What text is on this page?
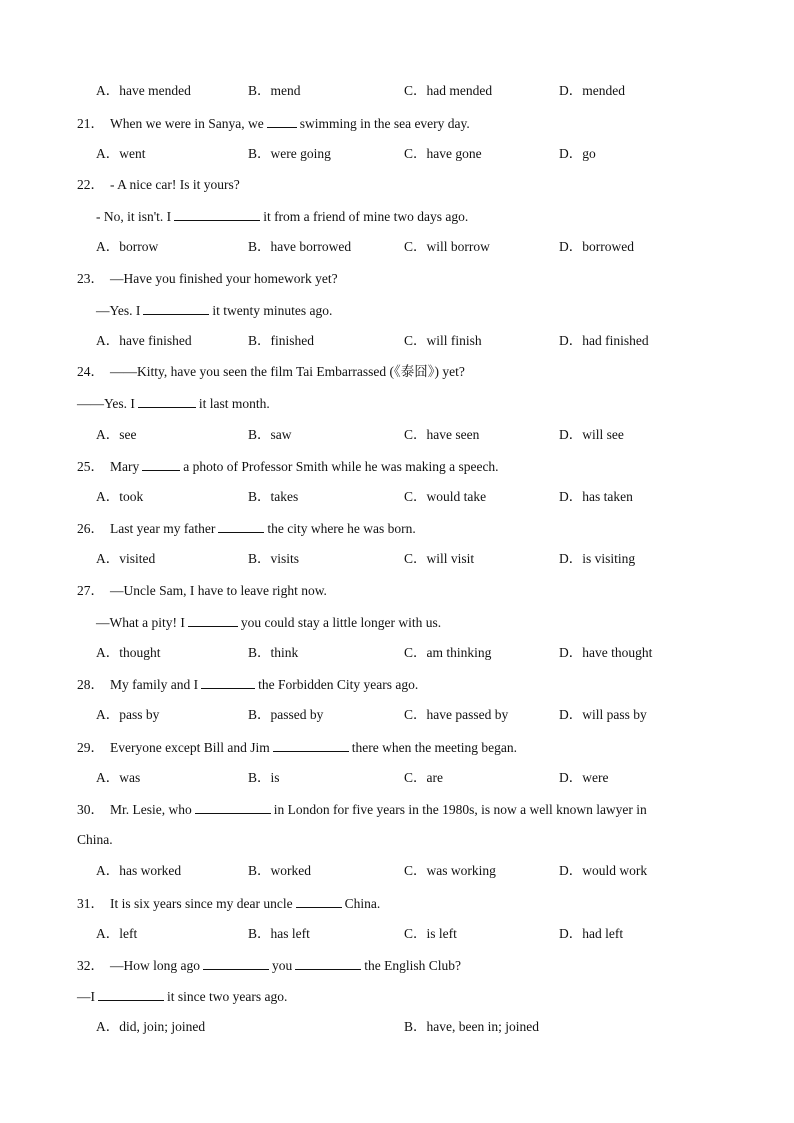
A．have mended	B．mend	C．had mended	D．mended
21． When we were in Sanya, we	swimming in the sea every day.
A．went	B．were going	C．have gone	D．go
22． - A nice car! Is it yours?
- No, it isn't. I	it from a friend of mine two days ago.
A．borrow	B．have borrowed	C．will borrow	D．borrowed
23． —Have you finished your homework yet?
—Yes. I	it twenty minutes ago.
A．have finished	B．finished	C．will finish	D．had finished
24． ——Kitty, have you seen the film Tai Embarrassed (《泰囧》) yet?
——Yes. I	it last month.
A．see	B．saw	C．have seen	D．will see
25． Mary	a photo of Professor Smith while he was making a speech.
A．took	B．takes	C．would take	D．has taken
26． Last year my father	the city where he was born.
A．visited	B．visits	C．will visit	D．is visiting
27． —Uncle Sam, I have to leave right now.
—What a pity! I	you could stay a little longer with us.
A．thought	B．think	C．am thinking	D．have thought
28． My family and I	the Forbidden City years ago.
A．pass by	B．passed by	C．have passed by	D．will pass by
29． Everyone except Bill and Jim	there when the meeting began.
A．was	B．is	C．are	D．were
30． Mr. Lesie, who	in London for five years in the 1980s, is now a well known lawyer in
China.
A．has worked	B．worked	C．was working	D．would work
31． It is six years since my dear uncle	China.
A．left	B．has left	C．is left	D．had left
32． —How long ago	you	the English Club?
—I	it since two years ago.
A．did, join; joined	B．have, been in; joined
